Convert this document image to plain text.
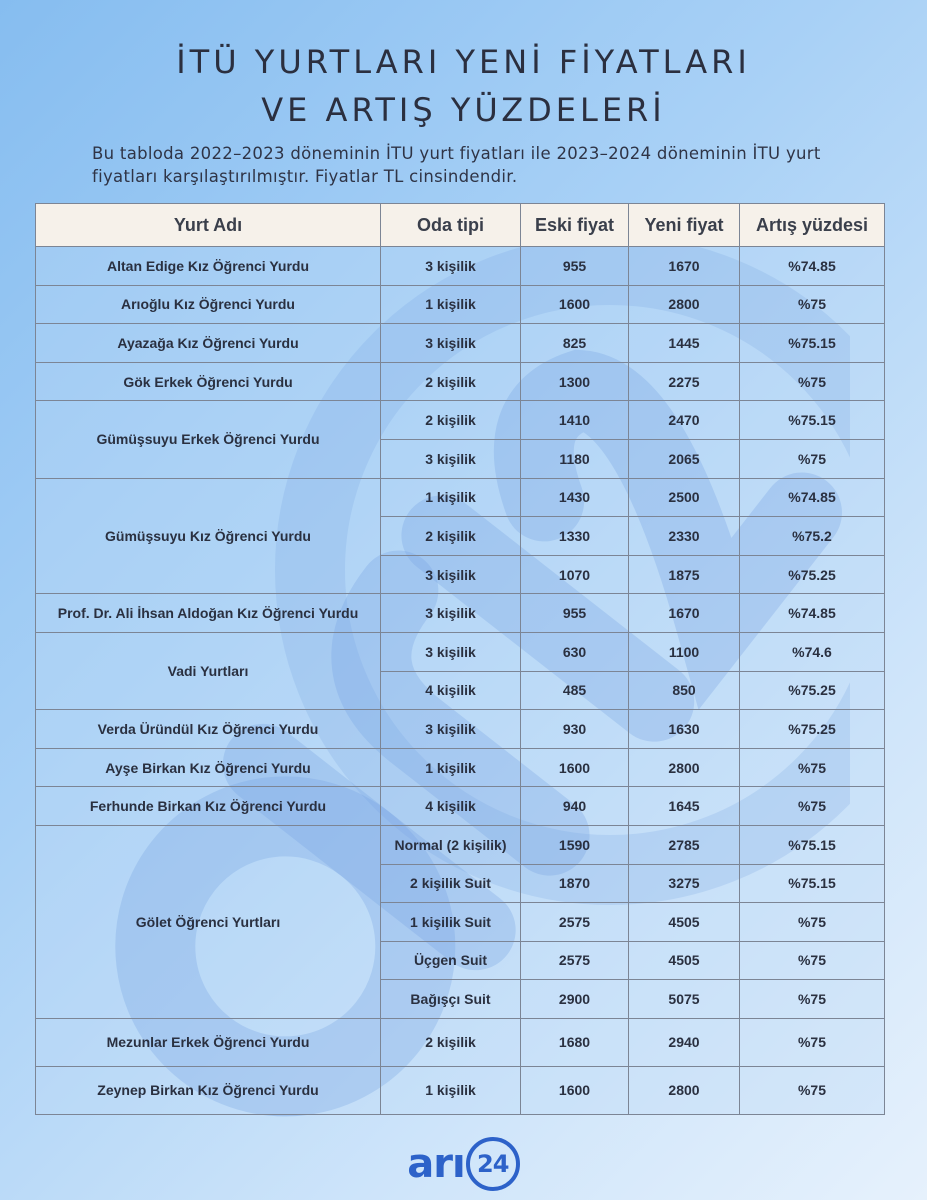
İTÜ YURTLARI YENİ FİYATLARI
VE ARTIŞ YÜZDELERİ

Bu tabloda 2022–2023 döneminin İTU yurt fiyatları ile 2023–2024 döneminin İTU yurt fiyatları karşılaştırılmıştır. Fiyatlar TL cinsindendir.

Yurt Adı	Oda tipi	Eski fiyat	Yeni fiyat	Artış yüzdesi
Altan Edige Kız Öğrenci Yurdu	3 kişilik	955	1670	%74.85
Arıoğlu Kız Öğrenci Yurdu	1 kişilik	1600	2800	%75
Ayazağa Kız Öğrenci Yurdu	3 kişilik	825	1445	%75.15
Gök Erkek Öğrenci Yurdu	2 kişilik	1300	2275	%75
Gümüşsuyu Erkek Öğrenci Yurdu	2 kişilik	1410	2470	%75.15
	3 kişilik	1180	2065	%75
Gümüşsuyu Kız Öğrenci Yurdu	1 kişilik	1430	2500	%74.85
	2 kişilik	1330	2330	%75.2
	3 kişilik	1070	1875	%75.25
Prof. Dr. Ali İhsan Aldoğan Kız Öğrenci Yurdu	3 kişilik	955	1670	%74.85
Vadi Yurtları	3 kişilik	630	1100	%74.6
	4 kişilik	485	850	%75.25
Verda Üründül Kız Öğrenci Yurdu	3 kişilik	930	1630	%75.25
Ayşe Birkan Kız Öğrenci Yurdu	1 kişilik	1600	2800	%75
Ferhunde Birkan Kız Öğrenci Yurdu	4 kişilik	940	1645	%75
Gölet Öğrenci Yurtları	Normal (2 kişilik)	1590	2785	%75.15
	2 kişilik Suit	1870	3275	%75.15
	1 kişilik Suit	2575	4505	%75
	Üçgen Suit	2575	4505	%75
	Bağışçı Suit	2900	5075	%75
Mezunlar Erkek Öğrenci Yurdu	2 kişilik	1680	2940	%75
Zeynep Birkan Kız Öğrenci Yurdu	1 kişilik	1600	2800	%75
arı 24
